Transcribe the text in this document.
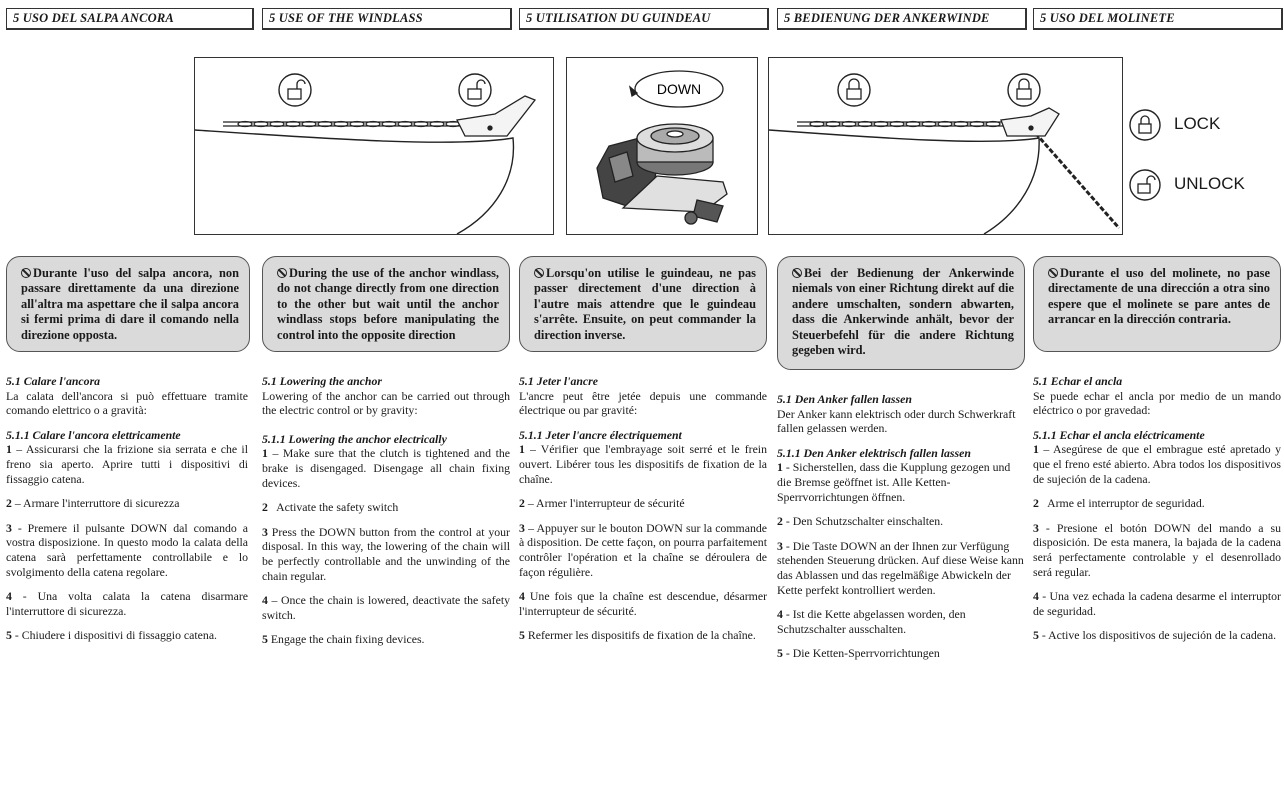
5 USO DEL SALPA ANCORA	5 USE OF THE WINDLASS	5 UTILISATION DU GUINDEAU	5 BEDIENUNG DER ANKERWINDE	5 USO DEL MOLINETE
DOWN
LOCK
UNLOCK
Durante l'uso del salpa ancora, non passare direttamente da una direzione all'altra ma aspettare che il salpa ancora si fermi prima di dare il comando nella direzione opposta.
During the use of the anchor windlass, do not change directly from one direction to the other but wait until the anchor windlass stops before manipulating the control into the opposite direction
Lorsqu'on utilise le guindeau, ne pas passer directement d'une direction à l'autre mais attendre que le guindeau s'arrête. Ensuite, on peut commander la direction inverse.
Bei der Bedienung der Ankerwinde niemals von einer Richtung direkt auf die andere umschalten, sondern abwarten, dass die Ankerwinde anhält, bevor der Steuerbefehl für die andere Richtung gegeben wird.
Durante el uso del molinete, no pase directamente de una dirección a otra sino espere que el molinete se pare antes de arrancar en la dirección contraria.
5.1 Calare l'ancora

La calata dell'ancora si può effettuare tramite comando elettrico o a gravità:

5.1.1 Calare l'ancora elettricamente

1 – Assicurarsi che la frizione sia serrata e che il freno sia aperto. Aprire tutti i dispositivi di fissaggio catena.

2 – Armare l'interruttore di sicurezza

3 - Premere il pulsante DOWN dal comando a vostra disposizione. In questo modo la calata della catena sarà perfettamente controllabile e lo svolgimento della catena regolare.

4 - Una volta calata la catena disarmare l'interruttore di sicurezza.

5 - Chiudere i dispositivi di fissaggio catena.

5.1 Lowering the anchor

Lowering of the anchor can be carried out through the electric control or by gravity:

5.1.1 Lowering the anchor electrically

1 – Make sure that the clutch is tightened and the brake is disengaged. Disengage all chain fixing devices.

2   Activate the safety switch

3 Press the DOWN button from the control at your disposal. In this way, the lowering of the chain will be perfectly controllable and the unwinding of the chain regular.

4 – Once the chain is lowered, deactivate the safety switch.

5 Engage the chain fixing devices.

5.1 Jeter l'ancre

L'ancre peut être jetée depuis une commande électrique ou par gravité:

5.1.1 Jeter l'ancre électriquement

1 – Vérifier que l'embrayage soit serré et le frein ouvert. Libérer tous les dispositifs de fixation de la chaîne.

2 – Armer l'interrupteur de sécurité

3 – Appuyer sur le bouton DOWN sur la commande à disposition. De cette façon, on pourra parfaitement contrôler l'opération et la chaîne se déroulera de façon régulière.

4 Une fois que la chaîne est descendue, désarmer l'interrupteur de sécurité.

5 Refermer les dispositifs de fixation de la chaîne.

5.1 Den Anker fallen lassen

Der Anker kann elektrisch oder durch Schwerkraft fallen gelassen werden.

5.1.1 Den Anker elektrisch fallen lassen

1 - Sicherstellen, dass die Kupplung gezogen und die Bremse geöffnet ist. Alle Ketten-Sperrvorrichtungen öffnen.

2 - Den Schutzschalter einschalten.

3 - Die Taste DOWN an der Ihnen zur Verfügung stehenden Steuerung drücken. Auf diese Weise kann das Ablassen und das regelmäßige Abwickeln der Kette perfekt kontrolliert werden.

4 - Ist die Kette abgelassen worden, den Schutzschalter ausschalten.

5 - Die Ketten-Sperrvorrichtungen

5.1 Echar el ancla

Se puede echar el ancla por medio de un mando eléctrico o por gravedad:

5.1.1 Echar el ancla eléctricamente

1 – Asegúrese de que el embrague esté apretado y que el freno esté abierto. Abra todos los dispositivos de sujeción de la cadena.

2   Arme el interruptor de seguridad.

3 - Presione el botón DOWN del mando a su disposición. De esta manera, la bajada de la cadena será perfectamente controlable y el desenrollado será regular.

4 - Una vez echada la cadena desarme el interruptor de seguridad.

5 - Active los dispositivos de sujeción de la cadena.
